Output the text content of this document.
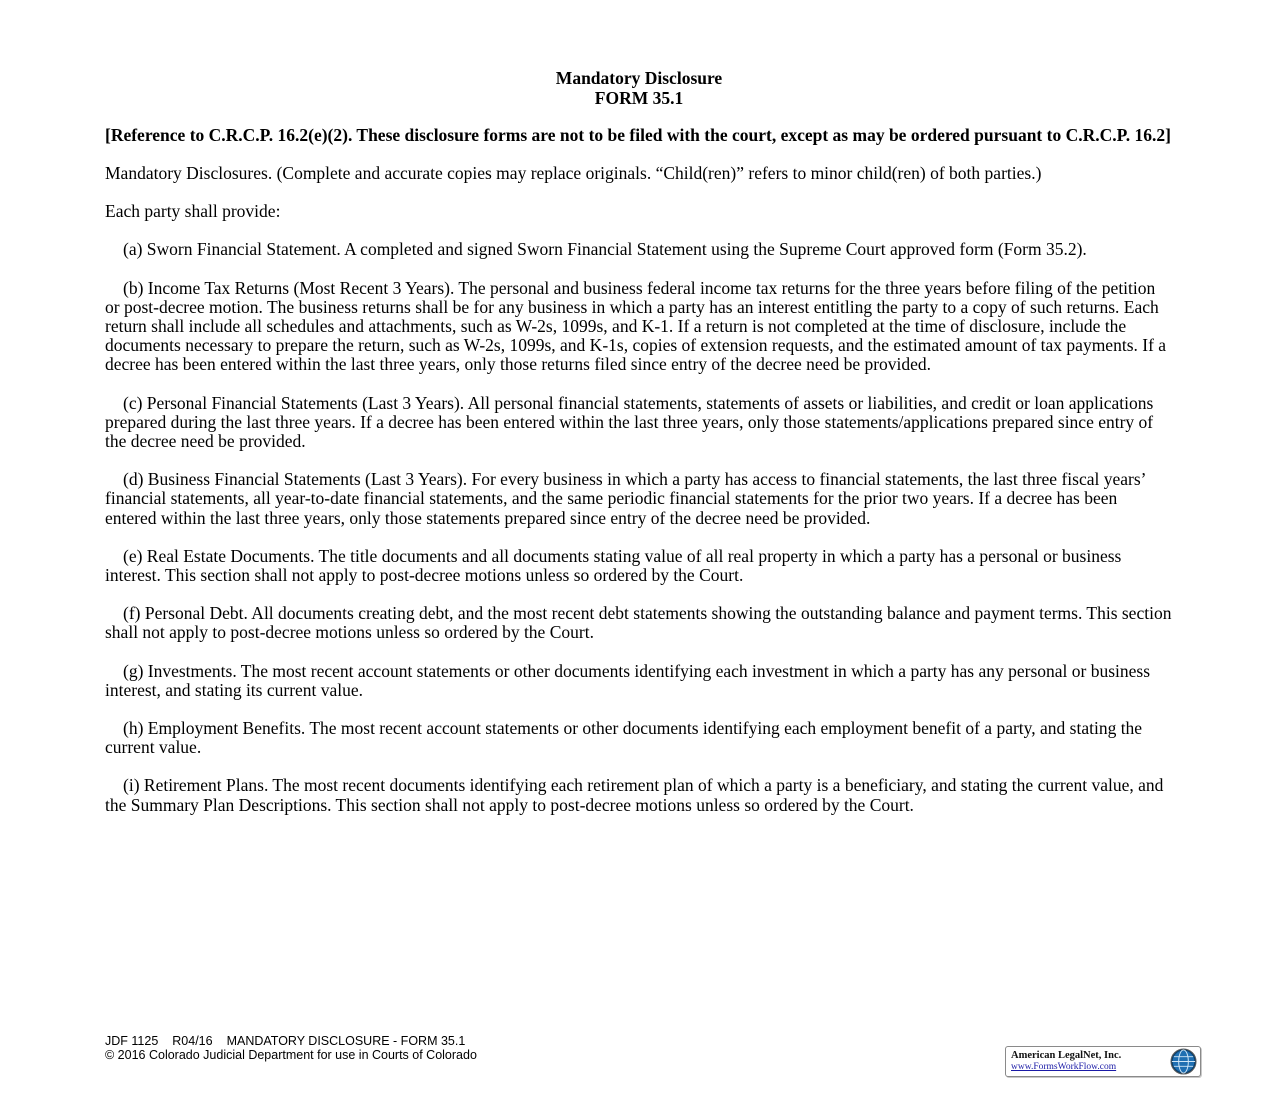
Mandatory Disclosure
FORM 35.1
[Reference to C.R.C.P. 16.2(e)(2). These disclosure forms are not to be filed with the court, except as may be ordered pursuant to C.R.C.P. 16.2]
Mandatory Disclosures. (Complete and accurate copies may replace originals. “Child(ren)” refers to minor child(ren) of both parties.)
Each party shall provide:
(a) Sworn Financial Statement. A completed and signed Sworn Financial Statement using the Supreme Court approved form (Form 35.2).
(b) Income Tax Returns (Most Recent 3 Years). The personal and business federal income tax returns for the three years before filing of the petition or post-decree motion. The business returns shall be for any business in which a party has an interest entitling the party to a copy of such returns. Each return shall include all schedules and attachments, such as W-2s, 1099s, and K-1. If a return is not completed at the time of disclosure, include the documents necessary to prepare the return, such as W-2s, 1099s, and K-1s, copies of extension requests, and the estimated amount of tax payments. If a decree has been entered within the last three years, only those returns filed since entry of the decree need be provided.
(c) Personal Financial Statements (Last 3 Years). All personal financial statements, statements of assets or liabilities, and credit or loan applications prepared during the last three years. If a decree has been entered within the last three years, only those statements/applications prepared since entry of the decree need be provided.
(d) Business Financial Statements (Last 3 Years). For every business in which a party has access to financial statements, the last three fiscal years’ financial statements, all year-to-date financial statements, and the same periodic financial statements for the prior two years. If a decree has been entered within the last three years, only those statements prepared since entry of the decree need be provided.
(e) Real Estate Documents. The title documents and all documents stating value of all real property in which a party has a personal or business interest. This section shall not apply to post-decree motions unless so ordered by the Court.
(f) Personal Debt. All documents creating debt, and the most recent debt statements showing the outstanding balance and payment terms. This section shall not apply to post-decree motions unless so ordered by the Court.
(g) Investments. The most recent account statements or other documents identifying each investment in which a party has any personal or business interest, and stating its current value.
(h) Employment Benefits. The most recent account statements or other documents identifying each employment benefit of a party, and stating the current value.
(i) Retirement Plans. The most recent documents identifying each retirement plan of which a party is a beneficiary, and stating the current value, and the Summary Plan Descriptions. This section shall not apply to post-decree motions unless so ordered by the Court.
JDF 1125 R04/16 MANDATORY DISCLOSURE - FORM 35.1
© 2016 Colorado Judicial Department for use in Courts of Colorado	American LegalNet, Inc.
www.FormsWorkFlow.com
